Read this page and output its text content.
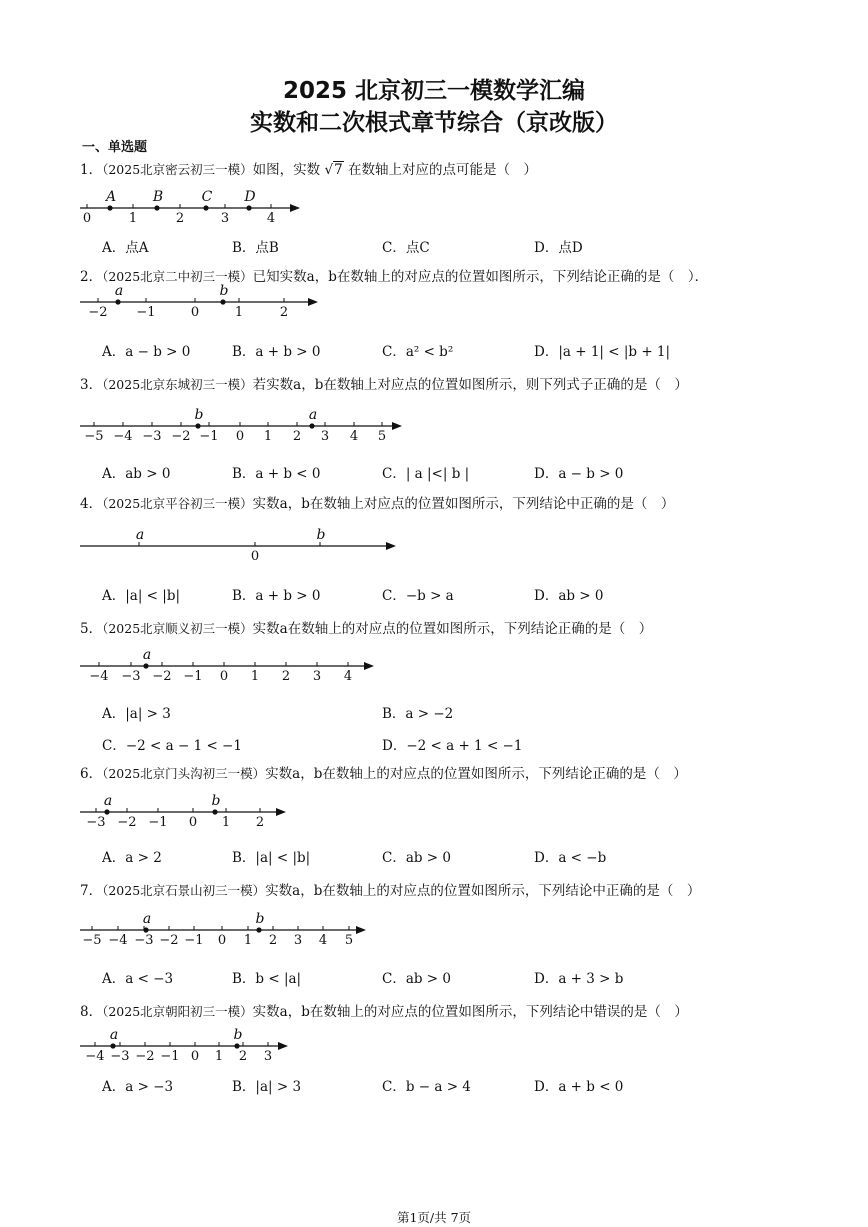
2025 北京初三一模数学汇编
实数和二次根式章节综合（京改版）
一、单选题
1．（2025北京密云初三一模）如图，实数 √7 在数轴上对应的点可能是（　）
A．点A	B．点B	C．点C	D．点D
2．（2025北京二中初三一模）已知实数a，b在数轴上的对应点的位置如图所示，下列结论正确的是（　）．
A．a − b > 0	B．a + b > 0	C．a² < b²	D．|a + 1| < |b + 1|
3．（2025北京东城初三一模）若实数a，b在数轴上对应点的位置如图所示，则下列式子正确的是（　）
A．ab > 0	B．a + b < 0	C．| a |<| b |	D．a − b > 0
4．（2025北京平谷初三一模）实数a，b在数轴上对应点的位置如图所示，下列结论中正确的是（　）
A．|a| < |b|	B．a + b > 0	C．−b > a	D．ab > 0
5．（2025北京顺义初三一模）实数a在数轴上的对应点的位置如图所示，下列结论正确的是（　）
A．|a| > 3	B．a > −2
C．−2 < a − 1 < −1	D．−2 < a + 1 < −1
6．（2025北京门头沟初三一模）实数a，b在数轴上的对应点的位置如图所示，下列结论正确的是（　）
A．a > 2	B．|a| < |b|	C．ab > 0	D．a < −b
7．（2025北京石景山初三一模）实数a，b在数轴上的对应点的位置如图所示，下列结论中正确的是（　）
A．a < −3	B．b < |a|	C．ab > 0	D．a + 3 > b
8．（2025北京朝阳初三一模）实数a，b在数轴上的对应点的位置如图所示，下列结论中错误的是（　）
A．a > −3	B．|a| > 3	C．b − a > 4	D．a + b < 0
0	1	2	3	4
A	B	C D
−2 −1	0	1	2
a	b
−5 −4 −3 −2 −1 0 1 2 3 4 5
b	a
0
a	b
−4 −3 −2 −1 0 1 2 3 4
a
−3 −2 −1 0 1 2
a	b
−5 −4 −3 −2 −1 0 1 2 3 4 5
a	b
−4 −3 −2 −1 0 1 2 3
a	b
第1页/共 7页
